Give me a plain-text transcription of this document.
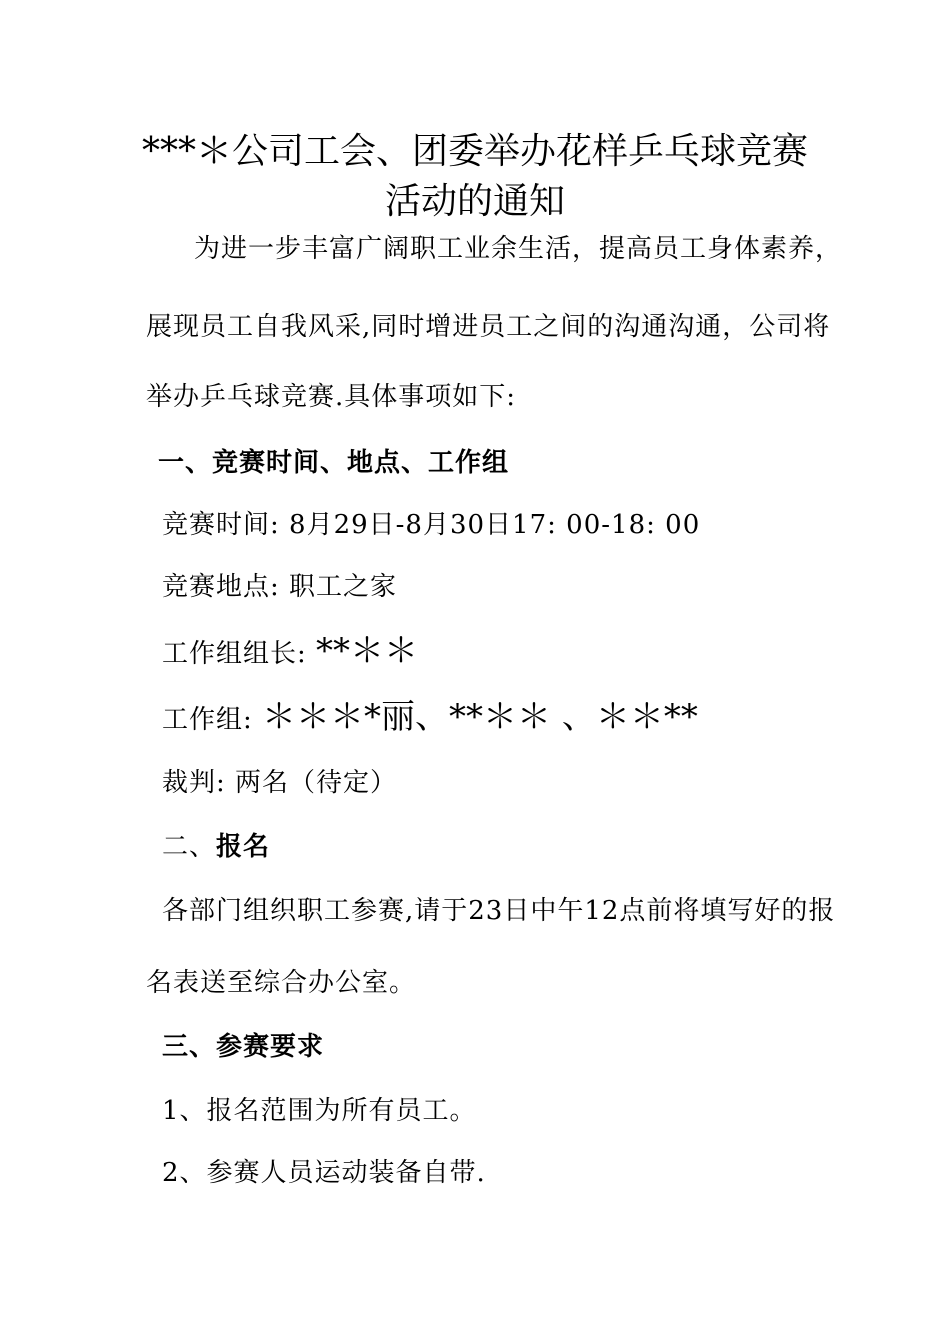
***＊公司工会、团委举办花样乒乓球竞赛
活动的通知
为进一步丰富广阔职工业余生活，提高员工身体素养，
展现员工自我风采,同时增进员工之间的沟通沟通，公司将
举办乒乓球竞赛.具体事项如下:
一、竞赛时间、地点、工作组
竞赛时间: 8月29日-8月30日17: 00-18: 00
竞赛地点: 职工之家
工作组组长: **＊＊
工作组: ＊＊＊*丽、**＊＊ 、＊＊**
裁判: 两名（待定）
二、报名
各部门组织职工参赛,请于23日中午12点前将填写好的报
名表送至综合办公室。
三、参赛要求
1、报名范围为所有员工。
2、参赛人员运动装备自带.
